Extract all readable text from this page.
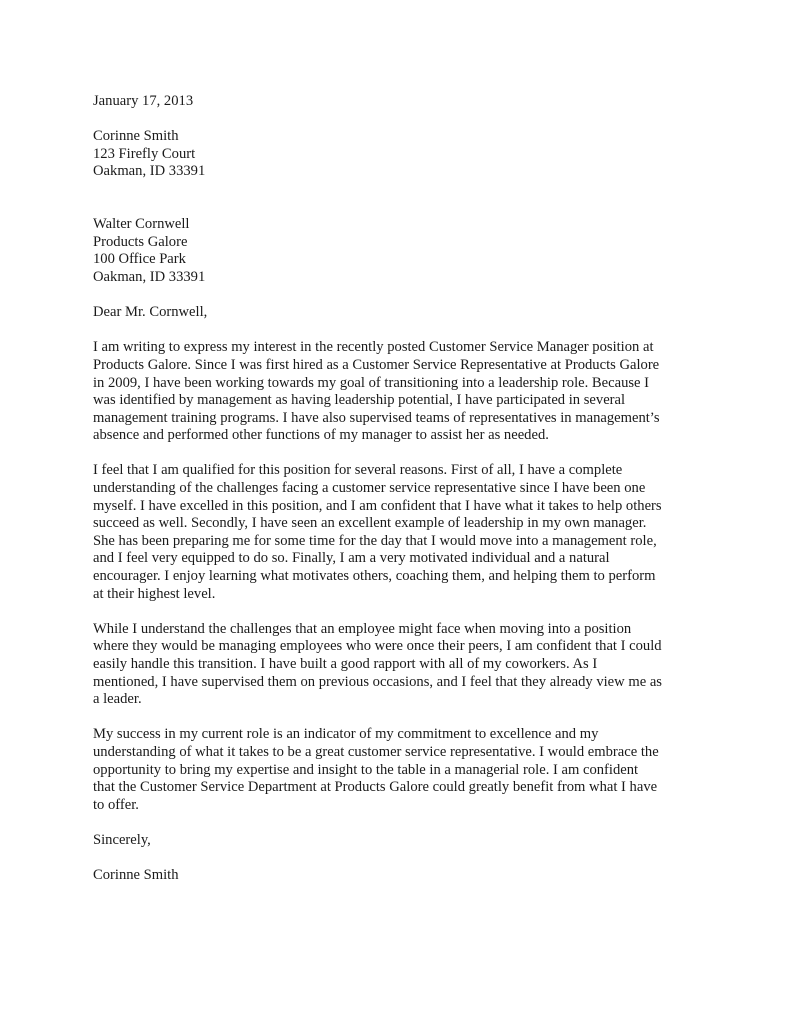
January 17, 2013
Corinne Smith
123 Firefly Court
Oakman, ID 33391
Walter Cornwell
Products Galore
100 Office Park
Oakman, ID 33391
Dear Mr. Cornwell,
I am writing to express my interest in the recently posted Customer Service Manager position at
Products Galore. Since I was first hired as a Customer Service Representative at Products Galore
in 2009, I have been working towards my goal of transitioning into a leadership role. Because I
was identified by management as having leadership potential, I have participated in several
management training programs. I have also supervised teams of representatives in management’s
absence and performed other functions of my manager to assist her as needed.
I feel that I am qualified for this position for several reasons. First of all, I have a complete
understanding of the challenges facing a customer service representative since I have been one
myself. I have excelled in this position, and I am confident that I have what it takes to help others
succeed as well. Secondly, I have seen an excellent example of leadership in my own manager.
She has been preparing me for some time for the day that I would move into a management role,
and I feel very equipped to do so. Finally, I am a very motivated individual and a natural
encourager. I enjoy learning what motivates others, coaching them, and helping them to perform
at their highest level.
While I understand the challenges that an employee might face when moving into a position
where they would be managing employees who were once their peers, I am confident that I could
easily handle this transition. I have built a good rapport with all of my coworkers. As I
mentioned, I have supervised them on previous occasions, and I feel that they already view me as
a leader.
My success in my current role is an indicator of my commitment to excellence and my
understanding of what it takes to be a great customer service representative. I would embrace the
opportunity to bring my expertise and insight to the table in a managerial role. I am confident
that the Customer Service Department at Products Galore could greatly benefit from what I have
to offer.
Sincerely,
Corinne Smith
